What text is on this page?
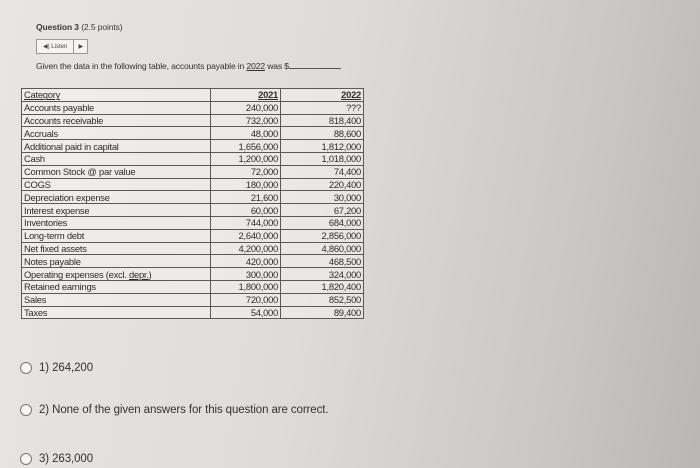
Question 3 (2.5 points)
◀)
Listen ▶
Given the data in the following table, accounts payable in 2022 was $
Category	2021	2022
Accounts payable	240,000	???
Accounts receivable	732,000	818,400
Accruals	48,000	88,600
Additional paid in capital	1,656,000	1,812,000
Cash	1,200,000	1,018,000
Common Stock @ par value	72,000	74,400
COGS	180,000	220,400
Depreciation expense	21,600	30,000
Interest expense	60,000	67,200
Inventories	744,000	684,000
Long-term debt	2,640,000	2,856,000
Net fixed assets	4,200,000	4,860,000
Notes payable	420,000	468,500
Operating expenses (excl. depr.)	300,000	324,000
Retained earnings	1,800,000	1,820,400
Sales	720,000	852,500
Taxes	54,000	89,400
1) 264,200
2) None of the given answers for this question are correct.
3) 263,000
